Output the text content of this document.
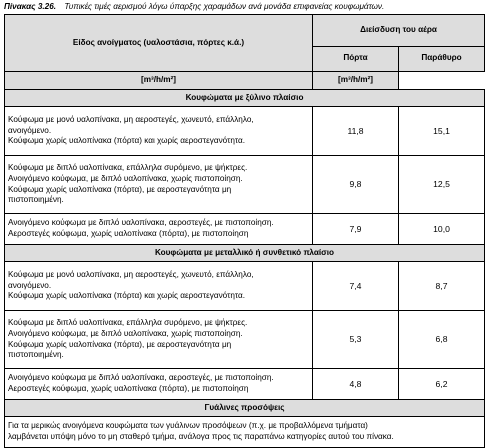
Πίνακας 3.26. Τυπικές τιμές αερισμού λόγω ύπαρξης χαραμάδων ανά μονάδα επιφανείας κουφωμάτων.
Είδος ανοίγματος (υαλοστάσια, πόρτες κ.ά.)	Διείσδυση του αέρα	
	Πόρτα	Παράθυρο
[m³/h/m²]	[m³/h/m²]	
Κουφώματα με ξύλινο πλαίσιο		

Κούφωμα με μονό υαλοπίνακα, μη αεροστεγές, χωνευτό, επάλληλο,
ανοιγόμενο.
Κούφωμα χωρίς υαλοπίνακα (πόρτα) και χωρίς αεροστεγανότητα.	11,8	15,1

Κούφωμα με διπλό υαλοπίνακα, επάλληλα συρόμενο, με ψήκτρες.
Ανοιγόμενο κούφωμα, με διπλό υαλοπίνακα, χωρίς πιστοποίηση.
Κούφωμα χωρίς υαλοπίνακα (πόρτα), με αεροστεγανότητα μη
πιστοποιημένη.	9,8	12,5

Ανοιγόμενο κούφωμα με διπλό υαλοπίνακα, αεροστεγές, με πιστοποίηση.
Αεροστεγές κούφωμα, χωρίς υαλοπίνακα (πόρτα), με πιστοποίηση	7,9	10,0
Κουφώματα με μεταλλικό ή συνθετικό πλαίσιο		

Κούφωμα με μονό υαλοπίνακα, μη αεροστεγές, χωνευτό, επάλληλο,
ανοιγόμενο.
Κούφωμα χωρίς υαλοπίνακα (πόρτα) και χωρίς αεροστεγανότητα.	7,4	8,7

Κούφωμα με διπλό υαλοπίνακα, επάλληλα συρόμενο, με ψήκτρες.
Ανοιγόμενο κούφωμα, με διπλό υαλοπίνακα, χωρίς πιστοποίηση.
Κούφωμα χωρίς υαλοπίνακα (πόρτα), με αεροστεγανότητα μη
πιστοποιημένη.	5,3	6,8

Ανοιγόμενο κούφωμα με διπλό υαλοπίνακα, αεροστεγές, με πιστοποίηση.
Αεροστεγές κούφωμα, χωρίς υαλοπίνακα (πόρτα), με πιστοποίηση	4,8	6,2
Γυάλινες προσόψεις		

Για τα μερικώς ανοιγόμενα κουφώματα των γυάλινων προσόψεων (π.χ. με προβαλλόμενα τμήματα)
λαμβάνεται υπόψη μόνο το μη σταθερό τμήμα, ανάλογα προς τις παραπάνω κατηγορίες αυτού του πίνακα.		
